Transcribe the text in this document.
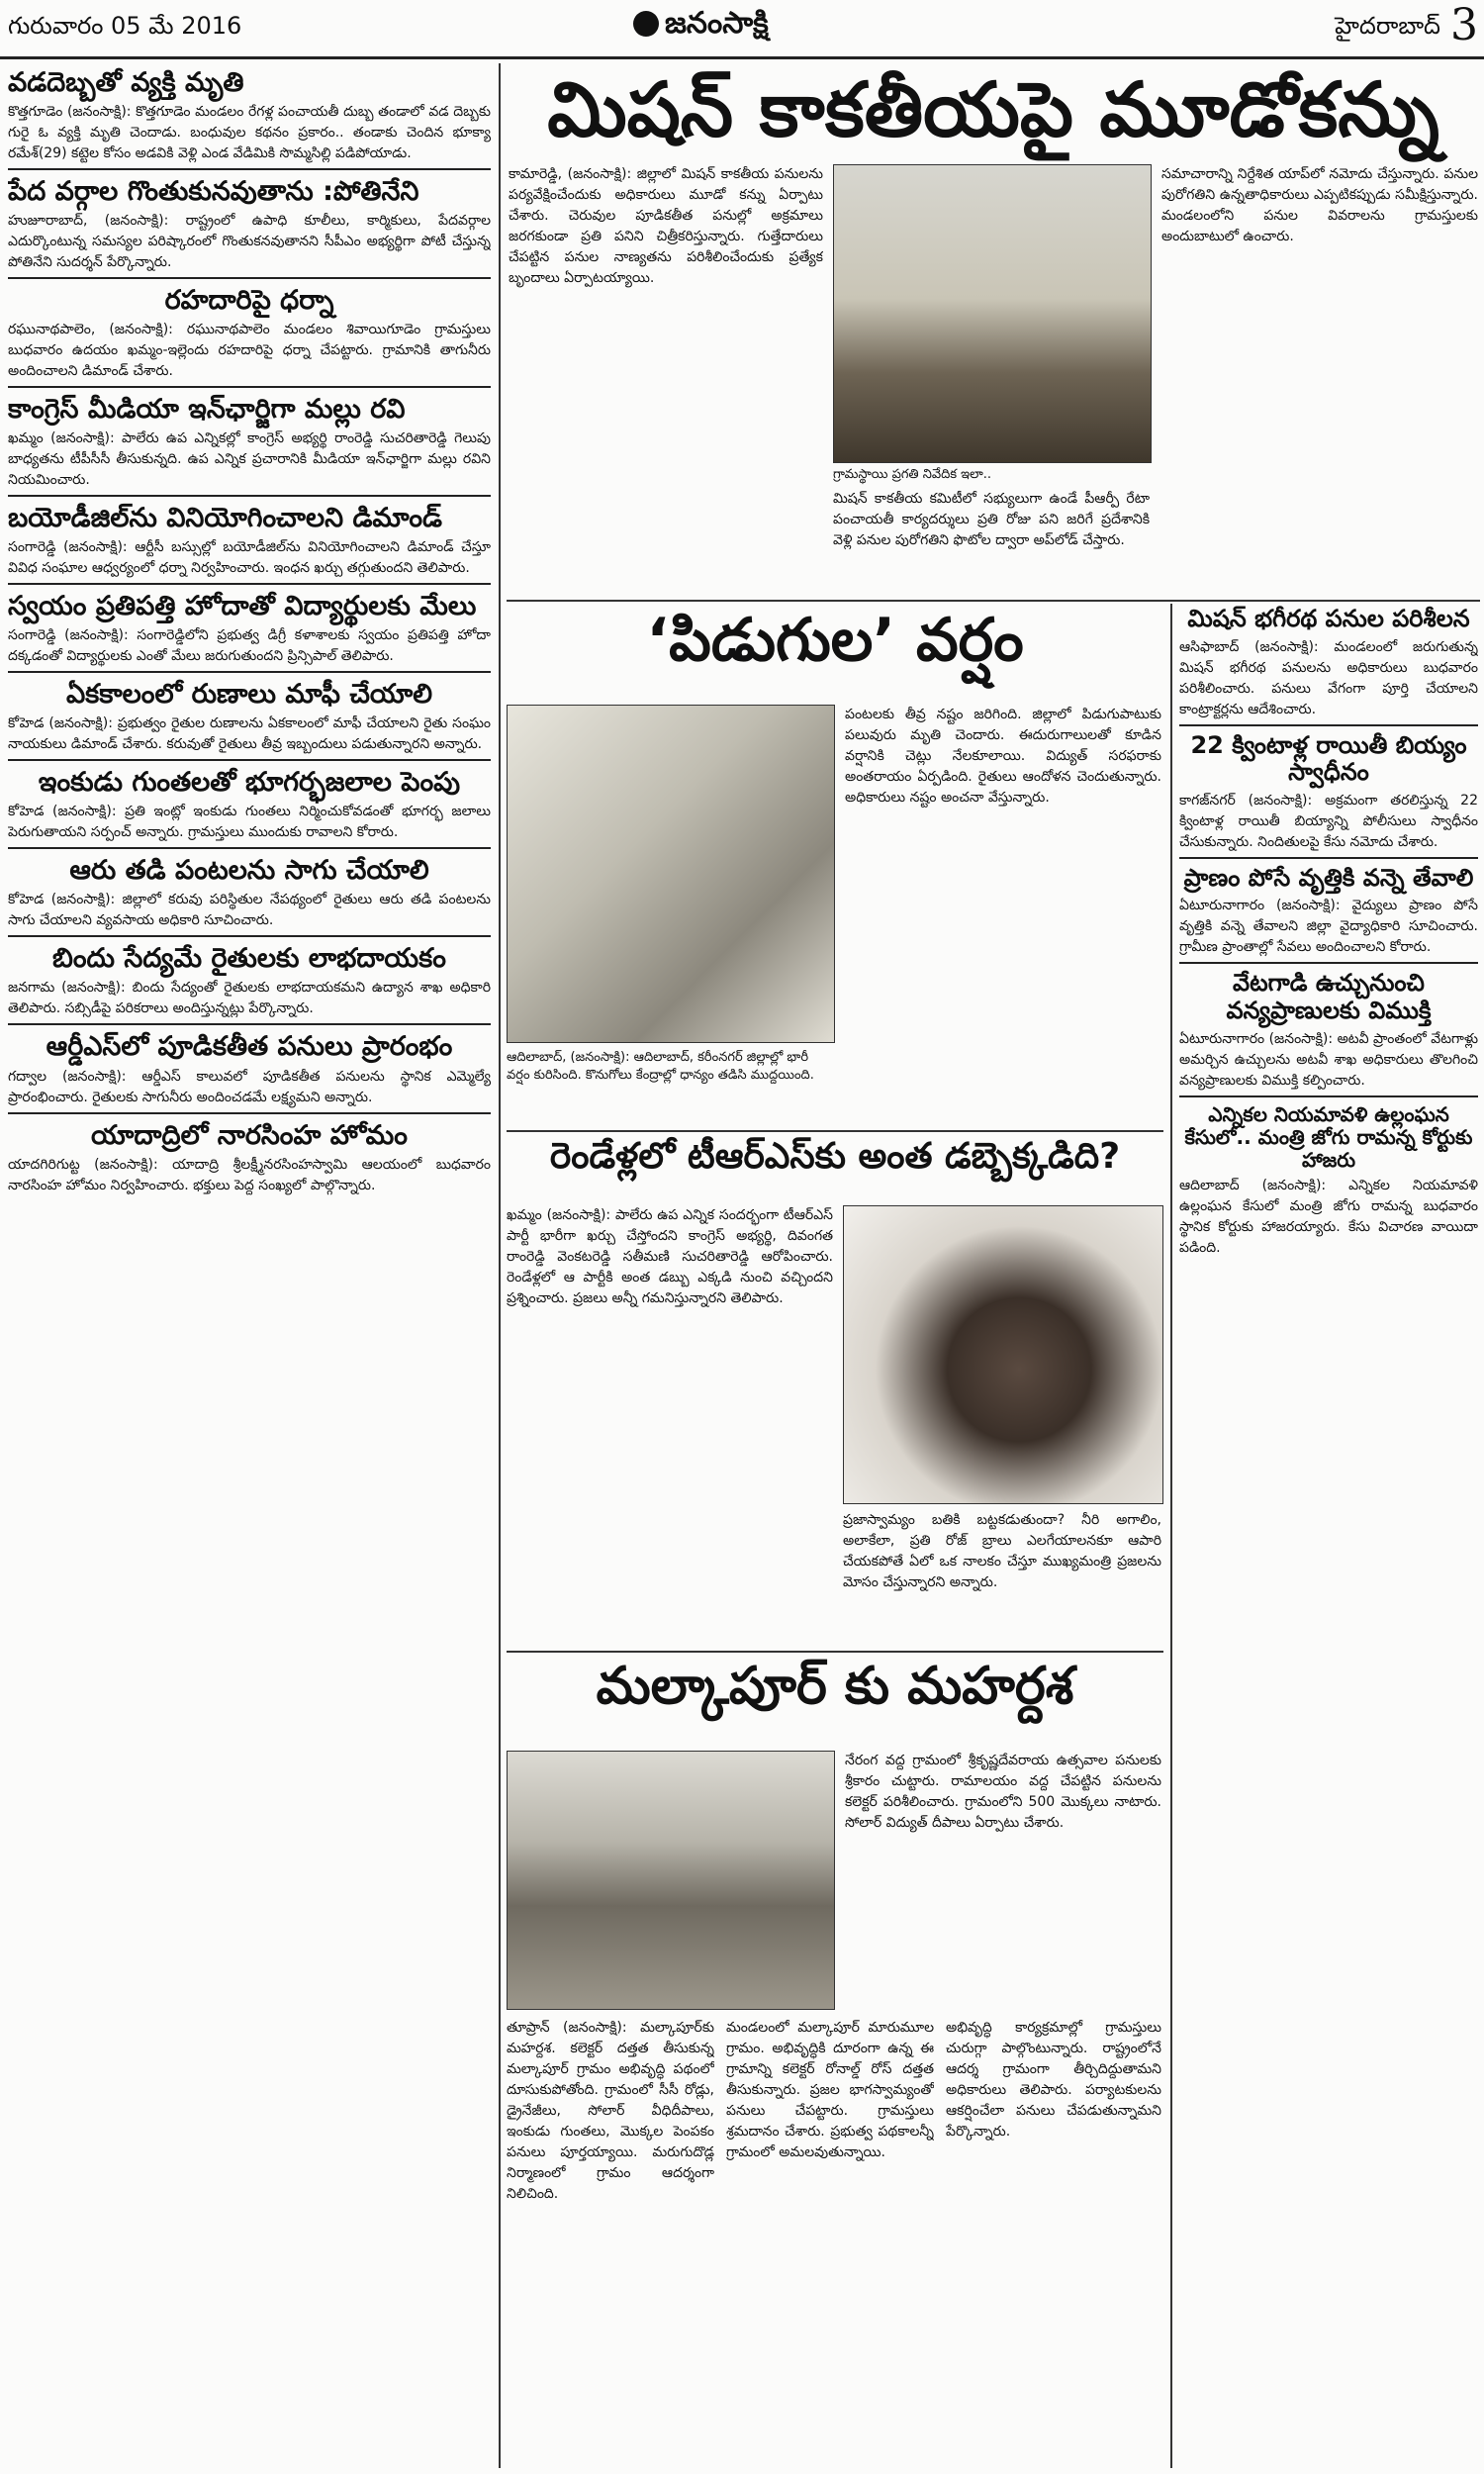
గురువారం 05 మే 2016	జనంసాక్షి	హైదరాబాద్ 3
వడదెబ్బతో వ్యక్తి మృతి

కొత్తగూడెం (జనంసాక్షి): కొత్తగూడెం మండలం రేగళ్ల పంచాయతీ దుబ్బ తండాలో వడ దెబ్బకు గురై ఓ వ్యక్తి మృతి చెందాడు. బంధువుల కథనం ప్రకారం.. తండాకు చెందిన భూక్యా రమేశ్(29) కట్టెల కోసం అడవికి వెళ్లి ఎండ వేడిమికి సొమ్మసిల్లి పడిపోయాడు.

పేద వర్గాల గొంతుకునవుతాను :పోతినేని

హుజూరాబాద్, (జనంసాక్షి): రాష్ట్రంలో ఉపాధి కూలీలు, కార్మికులు, పేదవర్గాల ఎదుర్కొంటున్న సమస్యల పరిష్కారంలో గొంతుకనవుతానని సీపీఎం అభ్యర్థిగా పోటీ చేస్తున్న పోతినేని సుదర్శన్ పేర్కొన్నారు.

రహదారిపై ధర్నా

రఘునాథపాలెం, (జనంసాక్షి): రఘునాథపాలెం మండలం శివాయిగూడెం గ్రామస్తులు బుధవారం ఉదయం ఖమ్మం-ఇల్లెందు రహదారిపై ధర్నా చేపట్టారు. గ్రామానికి తాగునీరు అందించాలని డిమాండ్ చేశారు.

కాంగ్రెస్ మీడియా ఇన్‌ఛార్జిగా మల్లు రవి

ఖమ్మం (జనంసాక్షి): పాలేరు ఉప ఎన్నికల్లో కాంగ్రెస్ అభ్యర్థి రాంరెడ్డి సుచరితారెడ్డి గెలుపు బాధ్యతను టీపీసీసీ తీసుకున్నది. ఉప ఎన్నిక ప్రచారానికి మీడియా ఇన్‌ఛార్జిగా మల్లు రవిని నియమించారు.

బయోడీజిల్‌ను వినియోగించాలని డిమాండ్

సంగారెడ్డి (జనంసాక్షి): ఆర్టీసీ బస్సుల్లో బయోడీజిల్‌ను వినియోగించాలని డిమాండ్ చేస్తూ వివిధ సంఘాల ఆధ్వర్యంలో ధర్నా నిర్వహించారు. ఇంధన ఖర్చు తగ్గుతుందని తెలిపారు.

స్వయం ప్రతిపత్తి హోదాతో విద్యార్థులకు మేలు

సంగారెడ్డి (జనంసాక్షి): సంగారెడ్డిలోని ప్రభుత్వ డిగ్రీ కళాశాలకు స్వయం ప్రతిపత్తి హోదా దక్కడంతో విద్యార్థులకు ఎంతో మేలు జరుగుతుందని ప్రిన్సిపాల్ తెలిపారు.

ఏకకాలంలో రుణాలు మాఫీ చేయాలి

కోహెడ (జనంసాక్షి): ప్రభుత్వం రైతుల రుణాలను ఏకకాలంలో మాఫీ చేయాలని రైతు సంఘం నాయకులు డిమాండ్ చేశారు. కరువుతో రైతులు తీవ్ర ఇబ్బందులు పడుతున్నారని అన్నారు.

ఇంకుడు గుంతలతో భూగర్భజలాల పెంపు

కోహెడ (జనంసాక్షి): ప్రతి ఇంట్లో ఇంకుడు గుంతలు నిర్మించుకోవడంతో భూగర్భ జలాలు పెరుగుతాయని సర్పంచ్ అన్నారు. గ్రామస్తులు ముందుకు రావాలని కోరారు.

ఆరు తడి పంటలను సాగు చేయాలి

కోహెడ (జనంసాక్షి): జిల్లాలో కరువు పరిస్థితుల నేపథ్యంలో రైతులు ఆరు తడి పంటలను సాగు చేయాలని వ్యవసాయ అధికారి సూచించారు.

బిందు సేద్యమే రైతులకు లాభదాయకం

జనగామ (జనంసాక్షి): బిందు సేద్యంతో రైతులకు లాభదాయకమని ఉద్యాన శాఖ అధికారి తెలిపారు. సబ్సిడీపై పరికరాలు అందిస్తున్నట్లు పేర్కొన్నారు.

ఆర్డీఎస్‌లో పూడికతీత పనులు ప్రారంభం

గద్వాల (జనంసాక్షి): ఆర్డీఎస్ కాలువలో పూడికతీత పనులను స్థానిక ఎమ్మెల్యే ప్రారంభించారు. రైతులకు సాగునీరు అందించడమే లక్ష్యమని అన్నారు.

యాదాద్రిలో నారసింహ హోమం

యాదగిరిగుట్ట (జనంసాక్షి): యాదాద్రి శ్రీలక్ష్మీనరసింహస్వామి ఆలయంలో బుధవారం నారసింహ హోమం నిర్వహించారు. భక్తులు పెద్ద సంఖ్యలో పాల్గొన్నారు.

మిషన్ కాకతీయపై మూడోకన్ను

కామారెడ్డి, (జనంసాక్షి): జిల్లాలో మిషన్ కాకతీయ పనులను పర్యవేక్షించేందుకు అధికారులు మూడో కన్ను ఏర్పాటు చేశారు. చెరువుల పూడికతీత పనుల్లో అక్రమాలు జరగకుండా ప్రతి పనిని చిత్రీకరిస్తున్నారు. గుత్తేదారులు చేపట్టిన పనుల నాణ్యతను పరిశీలించేందుకు ప్రత్యేక బృందాలు ఏర్పాటయ్యాయి.

గ్రామస్థాయి ప్రగతి నివేదిక ఇలా..

మిషన్ కాకతీయ కమిటీలో సభ్యులుగా ఉండే పీఆర్పీ రేటా పంచాయతీ కార్యదర్శులు ప్రతి రోజు పని జరిగే ప్రదేశానికి వెళ్లి పనుల పురోగతిని ఫొటోల ద్వారా అప్‌లోడ్ చేస్తారు.

సమాచారాన్ని నిర్దేశిత యాప్‌లో నమోదు చేస్తున్నారు. పనుల పురోగతిని ఉన్నతాధికారులు ఎప్పటికప్పుడు సమీక్షిస్తున్నారు. మండలంలోని పనుల వివరాలను గ్రామస్తులకు అందుబాటులో ఉంచారు.

‘పిడుగుల’ వర్షం
ఆదిలాబాద్, (జనంసాక్షి): ఆదిలాబాద్, కరీంనగర్ జిల్లాల్లో భారీ వర్షం కురిసింది. కొనుగోలు కేంద్రాల్లో ధాన్యం తడిసి ముద్దయింది.

పంటలకు తీవ్ర నష్టం జరిగింది. జిల్లాలో పిడుగుపాటుకు పలువురు మృతి చెందారు. ఈదురుగాలులతో కూడిన వర్షానికి చెట్లు నేలకూలాయి. విద్యుత్ సరఫరాకు అంతరాయం ఏర్పడింది. రైతులు ఆందోళన చెందుతున్నారు. అధికారులు నష్టం అంచనా వేస్తున్నారు.

రెండేళ్లలో టీఆర్ఎస్‌కు అంత డబ్బెక్కడిది?

ఖమ్మం (జనంసాక్షి): పాలేరు ఉప ఎన్నిక సందర్భంగా టీఆర్ఎస్ పార్టీ భారీగా ఖర్చు చేస్తోందని కాంగ్రెస్ అభ్యర్థి, దివంగత రాంరెడ్డి వెంకటరెడ్డి సతీమణి సుచరితారెడ్డి ఆరోపించారు. రెండేళ్లలో ఆ పార్టీకి అంత డబ్బు ఎక్కడి నుంచి వచ్చిందని ప్రశ్నించారు. ప్రజలు అన్నీ గమనిస్తున్నారని తెలిపారు.

ప్రజాస్వామ్యం బతికి బట్టకడుతుందా? నీరి అగాలిం, అలాకేలా, ప్రతి రోజ్ బ్రాలు ఎలగేయాలనకూ ఆపారి చేయకపోతే ఏలో ఒక నాలకం చేస్తూ ముఖ్యమంత్రి ప్రజలను మోసం చేస్తున్నారని అన్నారు.

మల్కాపూర్ కు మహర్దశ

నేరంగ వద్ద గ్రామంలో శ్రీకృష్ణదేవరాయ ఉత్సవాల పనులకు శ్రీకారం చుట్టారు. రామాలయం వద్ద చేపట్టిన పనులను కలెక్టర్ పరిశీలించారు. గ్రామంలోని 500 మొక్కలు నాటారు. సోలార్ విద్యుత్ దీపాలు ఏర్పాటు చేశారు.

తూప్రాన్ (జనంసాక్షి): మల్కాపూర్‌కు మహర్దశ. కలెక్టర్ దత్తత తీసుకున్న మల్కాపూర్ గ్రామం అభివృద్ధి పథంలో దూసుకుపోతోంది. గ్రామంలో సీసీ రోడ్లు, డ్రైనేజీలు, సోలార్ వీధిదీపాలు, ఇంకుడు గుంతలు, మొక్కల పెంపకం పనులు పూర్తయ్యాయి. మరుగుదొడ్ల నిర్మాణంలో గ్రామం ఆదర్శంగా నిలిచింది.

మండలంలో మల్కాపూర్ మారుమూల గ్రామం. అభివృద్ధికి దూరంగా ఉన్న ఈ గ్రామాన్ని కలెక్టర్ రోనాల్డ్ రోస్ దత్తత తీసుకున్నారు. ప్రజల భాగస్వామ్యంతో పనులు చేపట్టారు. గ్రామస్తులు శ్రమదానం చేశారు. ప్రభుత్వ పథకాలన్నీ గ్రామంలో అమలవుతున్నాయి.

అభివృద్ధి కార్యక్రమాల్లో గ్రామస్తులు చురుగ్గా పాల్గొంటున్నారు. రాష్ట్రంలోనే ఆదర్శ గ్రామంగా తీర్చిదిద్దుతామని అధికారులు తెలిపారు. పర్యాటకులను ఆకర్షించేలా పనులు చేపడుతున్నామని పేర్కొన్నారు.

మిషన్ భగీరథ పనుల పరిశీలన

ఆసిఫాబాద్ (జనంసాక్షి): మండలంలో జరుగుతున్న మిషన్ భగీరథ పనులను అధికారులు బుధవారం పరిశీలించారు. పనులు వేగంగా పూర్తి చేయాలని కాంట్రాక్టర్లను ఆదేశించారు.

22 క్వింటాళ్ల రాయితీ బియ్యం స్వాధీనం

కాగజ్‌నగర్ (జనంసాక్షి): అక్రమంగా తరలిస్తున్న 22 క్వింటాళ్ల రాయితీ బియ్యాన్ని పోలీసులు స్వాధీనం చేసుకున్నారు. నిందితులపై కేసు నమోదు చేశారు.

ప్రాణం పోసే వృత్తికి వన్నె తేవాలి

ఏటూరునాగారం (జనంసాక్షి): వైద్యులు ప్రాణం పోసే వృత్తికి వన్నె తేవాలని జిల్లా వైద్యాధికారి సూచించారు. గ్రామీణ ప్రాంతాల్లో సేవలు అందించాలని కోరారు.

వేటగాడి ఉచ్చునుంచి వన్యప్రాణులకు విముక్తి

ఏటూరునాగారం (జనంసాక్షి): అటవీ ప్రాంతంలో వేటగాళ్లు అమర్చిన ఉచ్చులను అటవీ శాఖ అధికారులు తొలగించి వన్యప్రాణులకు విముక్తి కల్పించారు.

ఎన్నికల నియమావళి ఉల్లంఘన కేసులో.. మంత్రి జోగు రామన్న కోర్టుకు హాజరు

ఆదిలాబాద్ (జనంసాక్షి): ఎన్నికల నియమావళి ఉల్లంఘన కేసులో మంత్రి జోగు రామన్న బుధవారం స్థానిక కోర్టుకు హాజరయ్యారు. కేసు విచారణ వాయిదా పడింది.
